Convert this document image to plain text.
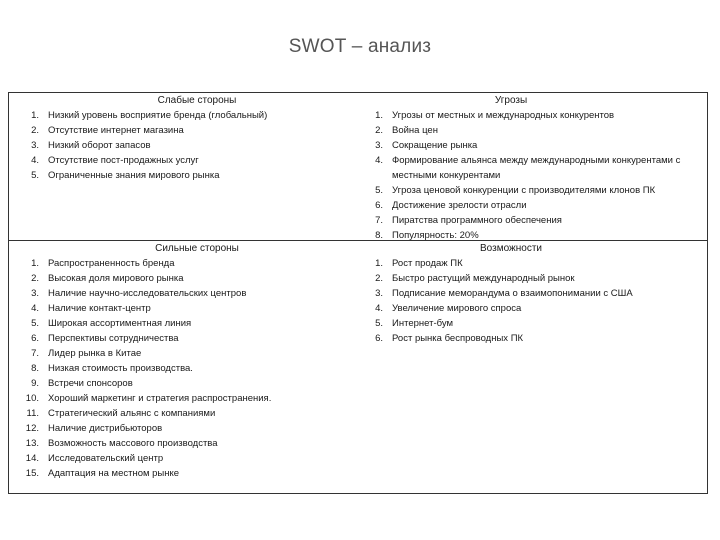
SWOT – анализ
Слабые стороны
1. Низкий уровень восприятие бренда (глобальный)
2. Отсутствие интернет магазина
3. Низкий оборот запасов
4. Отсутствие пост-продажных услуг
5. Ограниченные знания мирового рынка
Угрозы
1. Угрозы от местных и международных конкурентов
2. Война цен
3. Сокращение рынка
4. Формирование альянса между международными конкурентами с местными конкурентами
5. Угроза ценовой конкуренции с производителями клонов ПК
6. Достижение зрелости отрасли
7. Пиратства программного обеспечения
8. Популярность: 20%
Сильные стороны
1. Распространенность бренда
2. Высокая доля мирового рынка
3. Наличие научно-исследовательских центров
4. Наличие контакт-центр
5. Широкая ассортиментная линия
6. Перспективы сотрудничества
7. Лидер рынка в Китае
8. Низкая стоимость производства.
9. Встречи спонсоров
10. Хороший маркетинг и стратегия распространения.
11. Стратегический альянс с компаниями
12. Наличие дистрибьюторов
13. Возможность массового производства
14. Исследовательский центр
15. Адаптация на местном рынке
Возможности
1. Рост продаж ПК
2. Быстро растущий международный рынок
3. Подписание меморандума о взаимопонимании с США
4. Увеличение мирового спроса
5. Интернет-бум
6. Рост рынка беспроводных ПК
